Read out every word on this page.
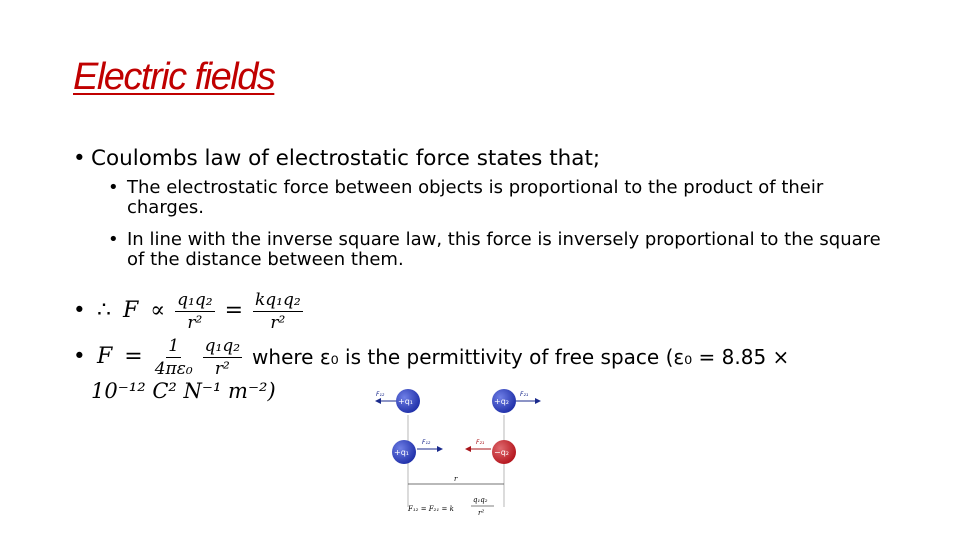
Electric fields
• Coulombs law of electrostatic force states that;
• The electrostatic force between objects is proportional to the product of their charges.
• In line with the inverse square law, this force is inversely proportional to the square of the distance between them.
• ∴ $F \propto \frac{\text{q₁q₂}}{\text{r²}} = \frac{\text{kq₁q₂}}{\text{r²}}$
• $F = \frac{1}{\text{4πε₀}} \frac{\text{q₁q₂}}{\text{r²}}$ where ε₀ is the permittivity of free space (ε₀ = 8.85 ×
10⁻¹² C² N⁻¹ m⁻²)	+q₁
F₁₂
+q₂
F₂₁
+q₁
F₁₂
−q₂
F₂₁
r
F₁₂ = F₂₁ = k
q₁q₂
r²
